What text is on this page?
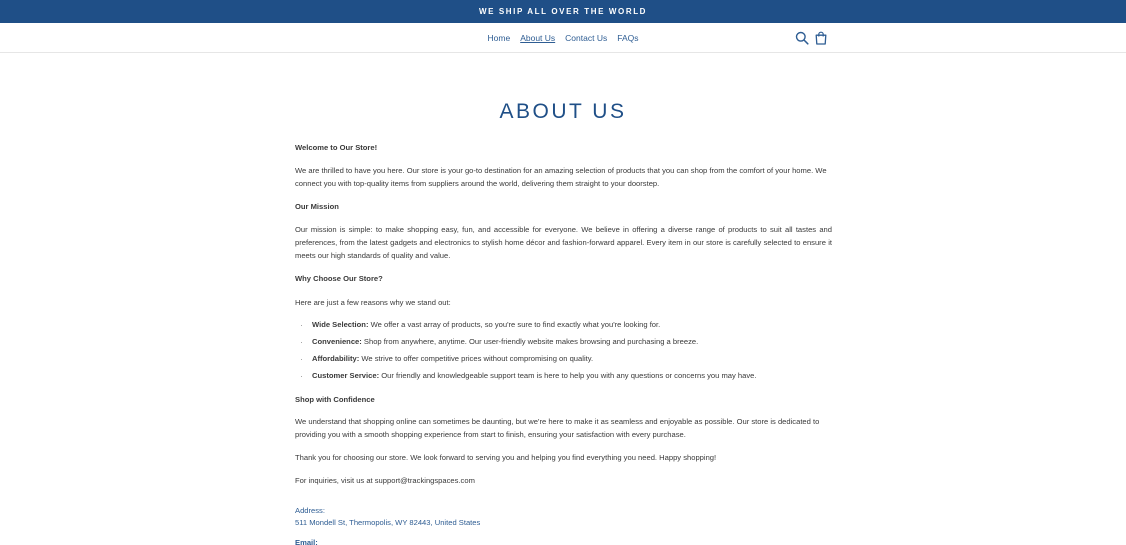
WE SHIP ALL OVER THE WORLD
Home About Us Contact Us FAQs
ABOUT US

Welcome to Our Store!

We are thrilled to have you here. Our store is your go-to destination for an amazing selection of products that you can shop from the comfort of your home. We connect you with top-quality items from suppliers around the world, delivering them straight to your doorstep.

Our Mission

Our mission is simple: to make shopping easy, fun, and accessible for everyone. We believe in offering a diverse range of products to suit all tastes and preferences, from the latest gadgets and electronics to stylish home décor and fashion-forward apparel. Every item in our store is carefully selected to ensure it meets our high standards of quality and value.

Why Choose Our Store?

Here are just a few reasons why we stand out:

· Wide Selection: We offer a vast array of products, so you're sure to find exactly what you're looking for.
· Convenience: Shop from anywhere, anytime. Our user-friendly website makes browsing and purchasing a breeze.
· Affordability: We strive to offer competitive prices without compromising on quality.
· Customer Service: Our friendly and knowledgeable support team is here to help you with any questions or concerns you may have.

Shop with Confidence

We understand that shopping online can sometimes be daunting, but we're here to make it as seamless and enjoyable as possible. Our store is dedicated to providing you with a smooth shopping experience from start to finish, ensuring your satisfaction with every purchase.

Thank you for choosing our store. We look forward to serving you and helping you find everything you need. Happy shopping!

For inquiries, visit us at support@trackingspaces.com

Address:

511 Mondell St, Thermopolis, WY 82443, United States

Email:
